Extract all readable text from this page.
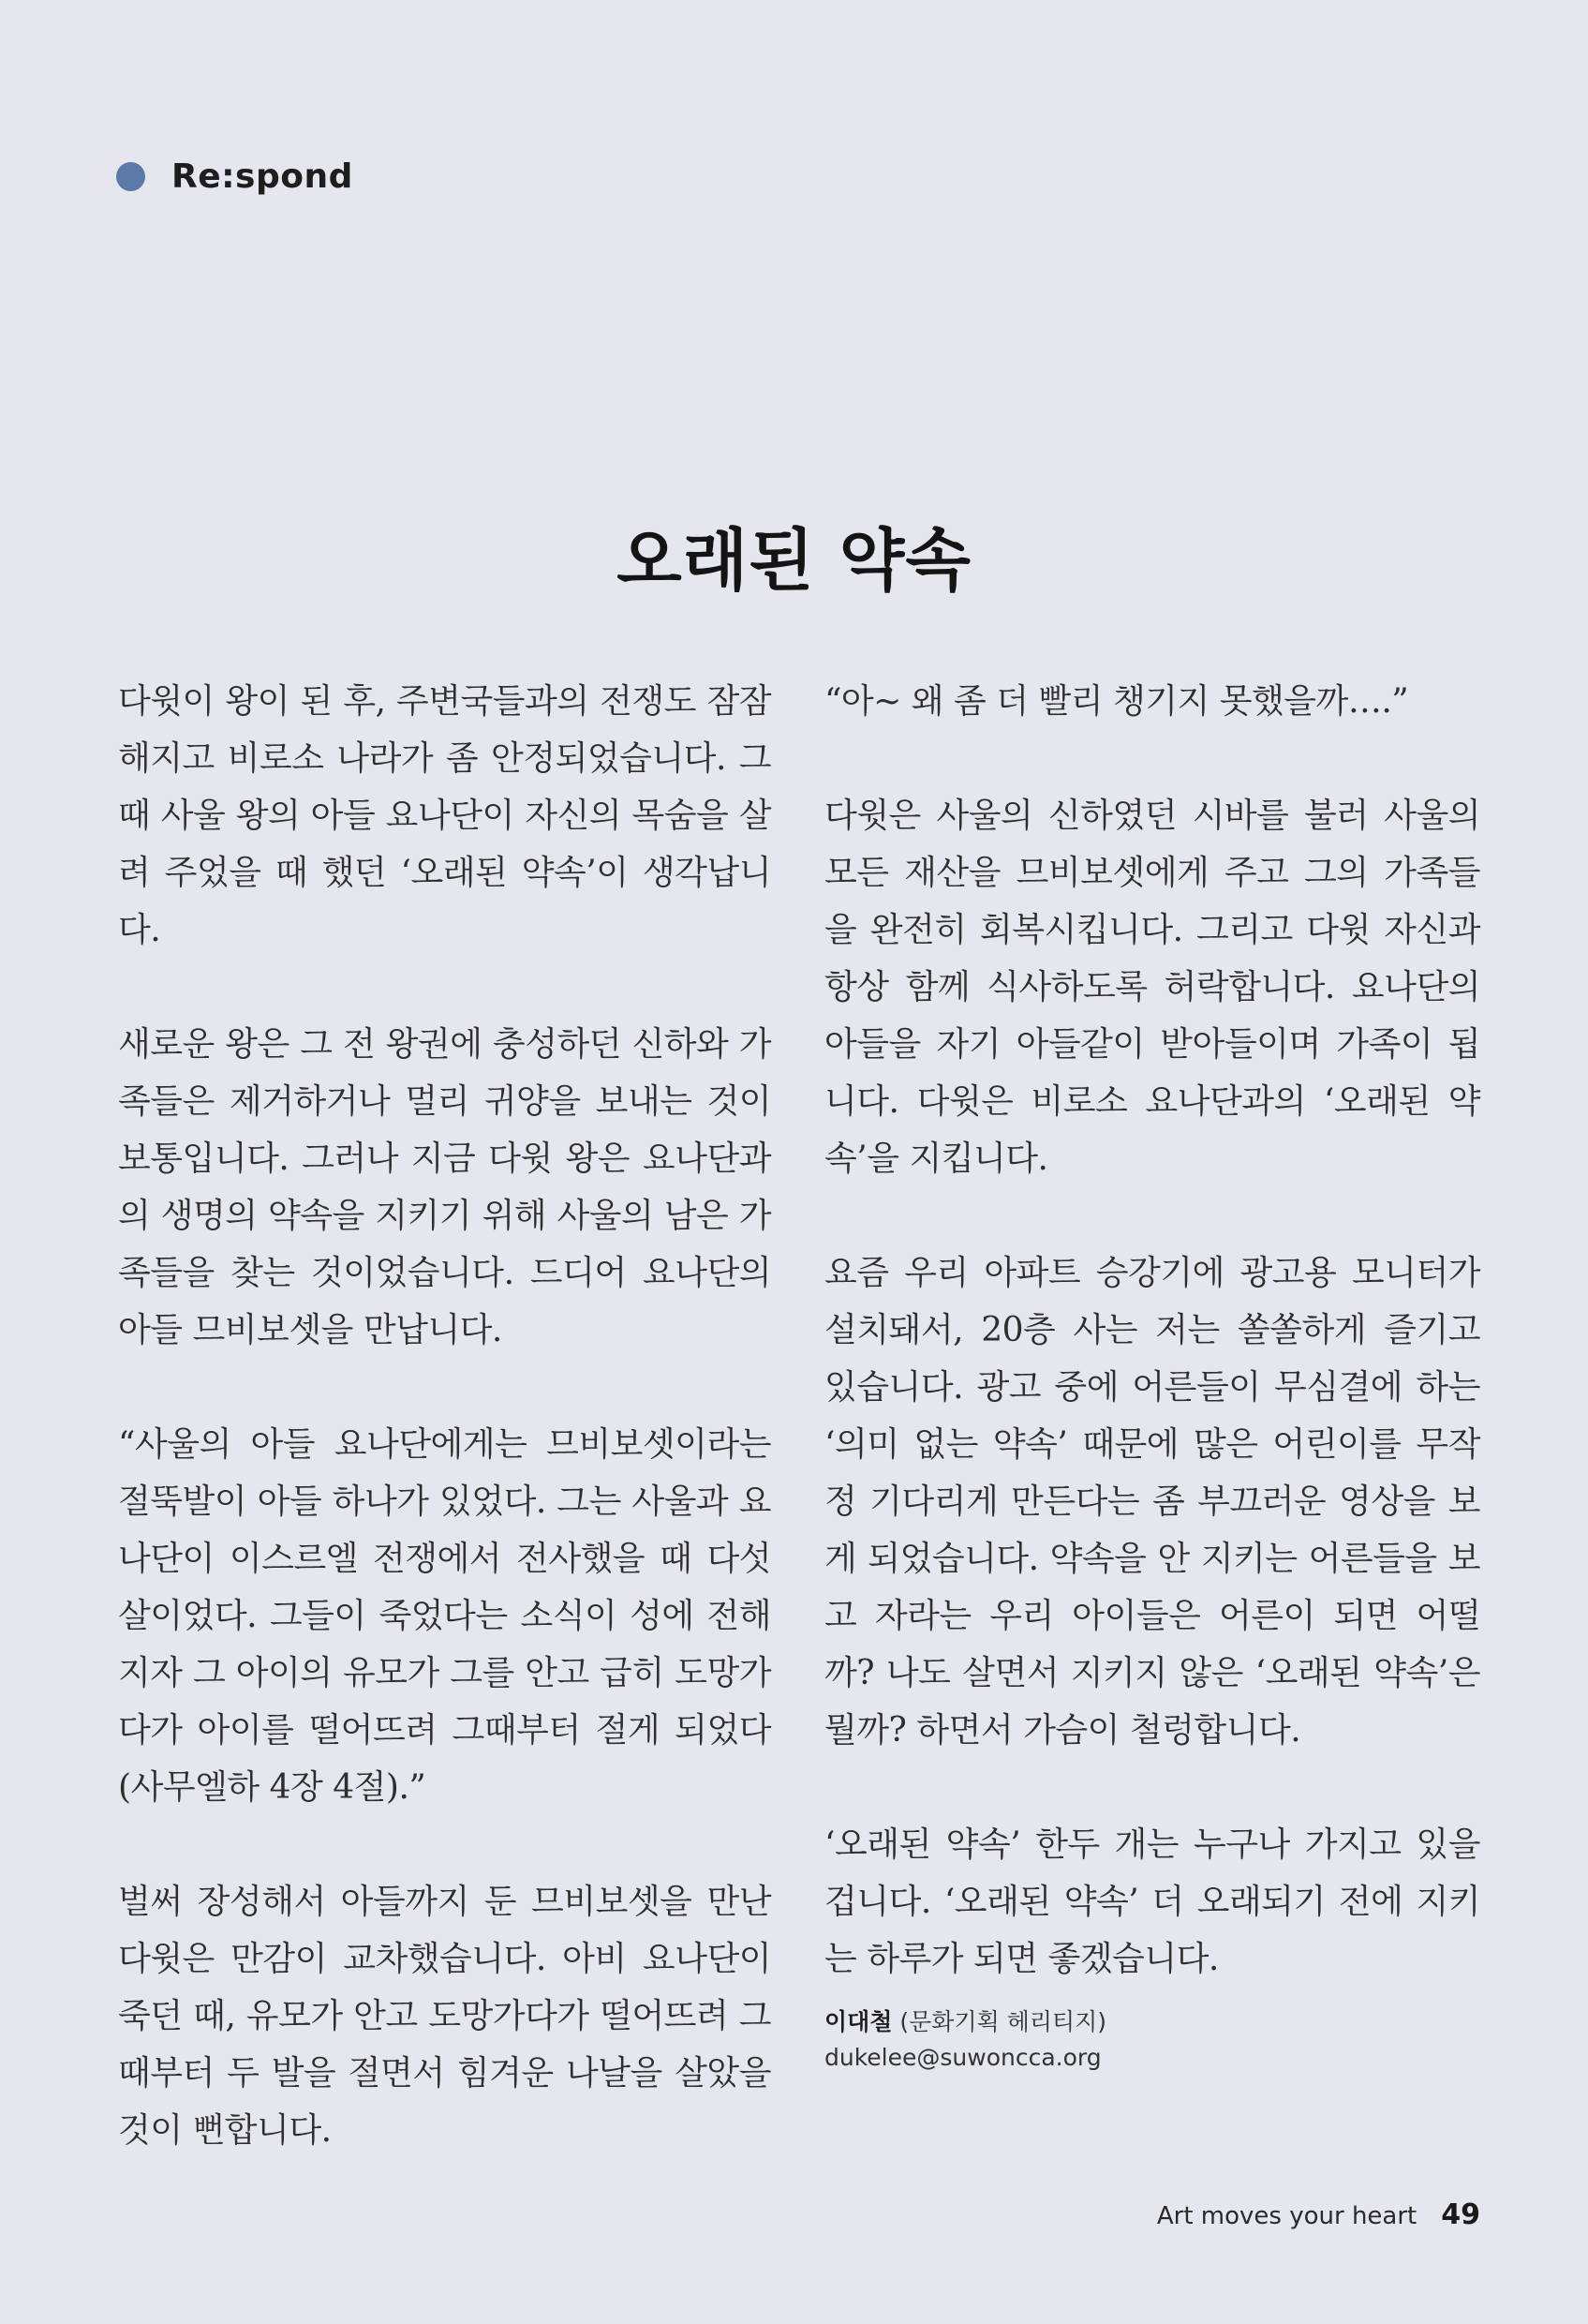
Re:spond
오래된 약속

다윗이 왕이 된 후, 주변국들과의 전쟁도 잠잠해지고 비로소 나라가 좀 안정되었습니다. 그때 사울 왕의 아들 요나단이 자신의 목숨을 살려 주었을 때 했던 ‘오래된 약속’이 생각납니다.

새로운 왕은 그 전 왕권에 충성하던 신하와 가족들은 제거하거나 멀리 귀양을 보내는 것이 보통입니다. 그러나 지금 다윗 왕은 요나단과의 생명의 약속을 지키기 위해 사울의 남은 가족들을 찾는 것이었습니다. 드디어 요나단의 아들 므비보셋을 만납니다.

“사울의 아들 요나단에게는 므비보셋이라는 절뚝발이 아들 하나가 있었다. 그는 사울과 요나단이 이스르엘 전쟁에서 전사했을 때 다섯 살이었다. 그들이 죽었다는 소식이 성에 전해지자 그 아이의 유모가 그를 안고 급히 도망가다가 아이를 떨어뜨려 그때부터 절게 되었다 (사무엘하 4장 4절).”

벌써 장성해서 아들까지 둔 므비보셋을 만난 다윗은 만감이 교차했습니다. 아비 요나단이 죽던 때, 유모가 안고 도망가다가 떨어뜨려 그때부터 두 발을 절면서 힘겨운 나날을 살았을 것이 뻔합니다.

“아~ 왜 좀 더 빨리 챙기지 못했을까….”

다윗은 사울의 신하였던 시바를 불러 사울의 모든 재산을 므비보셋에게 주고 그의 가족들을 완전히 회복시킵니다. 그리고 다윗 자신과 항상 함께 식사하도록 허락합니다. 요나단의 아들을 자기 아들같이 받아들이며 가족이 됩니다. 다윗은 비로소 요나단과의 ‘오래된 약속’을 지킵니다.

요즘 우리 아파트 승강기에 광고용 모니터가 설치돼서, 20층 사는 저는 쏠쏠하게 즐기고 있습니다. 광고 중에 어른들이 무심결에 하는 ‘의미 없는 약속’ 때문에 많은 어린이를 무작정 기다리게 만든다는 좀 부끄러운 영상을 보게 되었습니다. 약속을 안 지키는 어른들을 보고 자라는 우리 아이들은 어른이 되면 어떨까? 나도 살면서 지키지 않은 ‘오래된 약속’은 뭘까? 하면서 가슴이 철렁합니다.

‘오래된 약속’ 한두 개는 누구나 가지고 있을 겁니다. ‘오래된 약속’ 더 오래되기 전에 지키는 하루가 되면 좋겠습니다.

이대철 (문화기획 헤리티지)
dukelee@suwoncca.org
Art moves your heart 49
